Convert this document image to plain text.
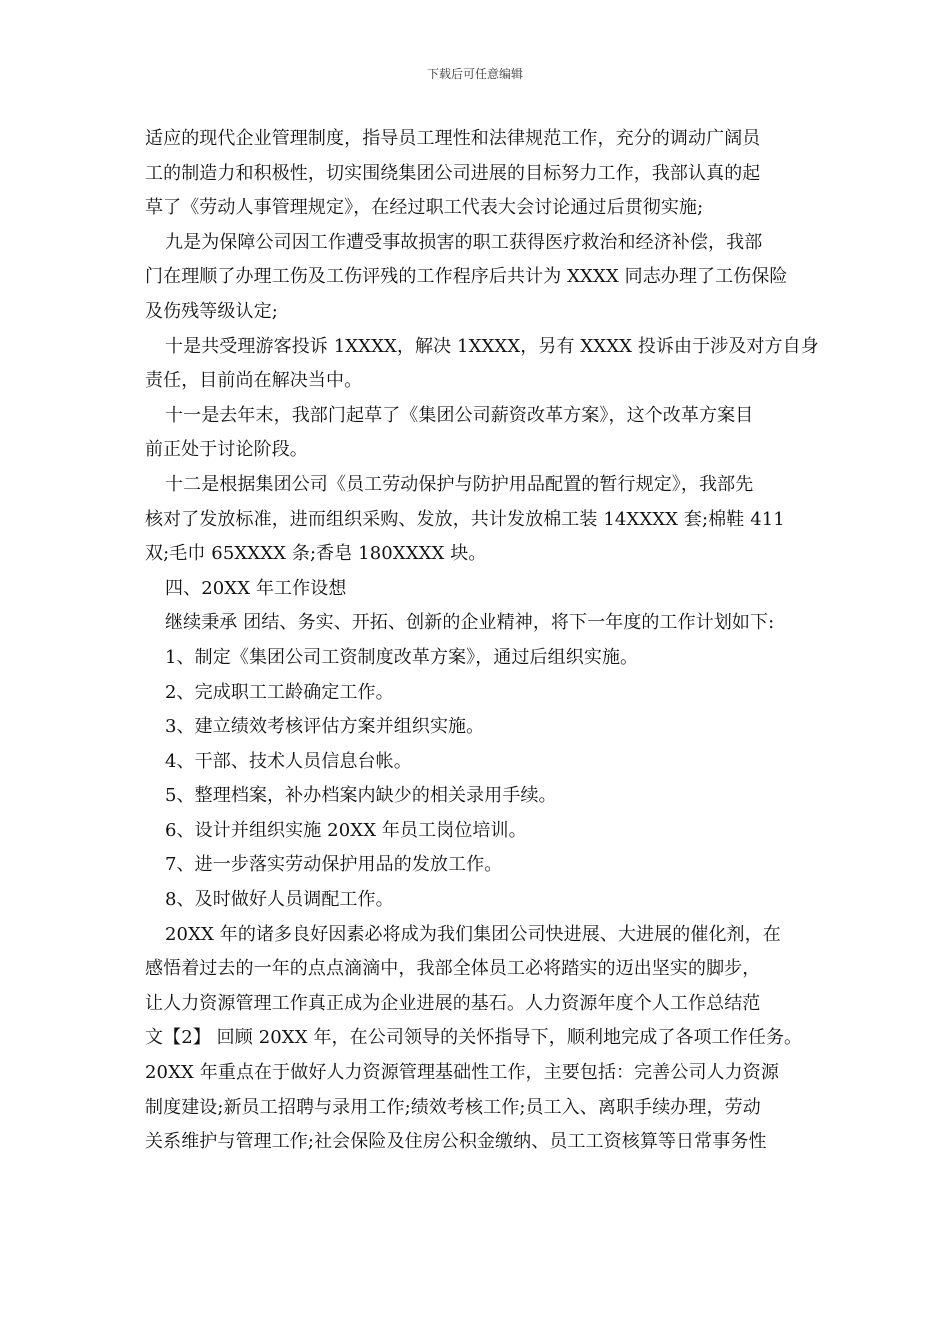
下载后可任意编辑
适应的现代企业管理制度，指导员工理性和法律规范工作，充分的调动广阔员
工的制造力和积极性，切实围绕集团公司进展的目标努力工作，我部认真的起
草了《劳动人事管理规定》，在经过职工代表大会讨论通过后贯彻实施;
九是为保障公司因工作遭受事故损害的职工获得医疗救治和经济补偿，我部
门在理顺了办理工伤及工伤评残的工作程序后共计为 XXXX 同志办理了工伤保险
及伤残等级认定;
十是共受理游客投诉 1XXXX，解决 1XXXX，另有 XXXX 投诉由于涉及对方自身
责任，目前尚在解决当中。
十一是去年末，我部门起草了《集团公司薪资改革方案》，这个改革方案目
前正处于讨论阶段。
十二是根据集团公司《员工劳动保护与防护用品配置的暂行规定》，我部先
核对了发放标准，进而组织采购、发放，共计发放棉工装 14XXXX 套;棉鞋 411
双;毛巾 65XXXX 条;香皂 180XXXX 块。
四、20XX 年工作设想
继续秉承 团结、务实、开拓、创新的企业精神，将下一年度的工作计划如下:
1、制定《集团公司工资制度改革方案》，通过后组织实施。
2、完成职工工龄确定工作。
3、建立绩效考核评估方案并组织实施。
4、干部、技术人员信息台帐。
5、整理档案，补办档案内缺少的相关录用手续。
6、设计并组织实施 20XX 年员工岗位培训。
7、进一步落实劳动保护用品的发放工作。
8、及时做好人员调配工作。
20XX 年的诸多良好因素必将成为我们集团公司快进展、大进展的催化剂，在
感悟着过去的一年的点点滴滴中，我部全体员工必将踏实的迈出坚实的脚步，
让人力资源管理工作真正成为企业进展的基石。人力资源年度个人工作总结范
文【2】 回顾 20XX 年，在公司领导的关怀指导下，顺利地完成了各项工作任务。
20XX 年重点在于做好人力资源管理基础性工作，主要包括：完善公司人力资源
制度建设;新员工招聘与录用工作;绩效考核工作;员工入、离职手续办理，劳动
关系维护与管理工作;社会保险及住房公积金缴纳、员工工资核算等日常事务性
